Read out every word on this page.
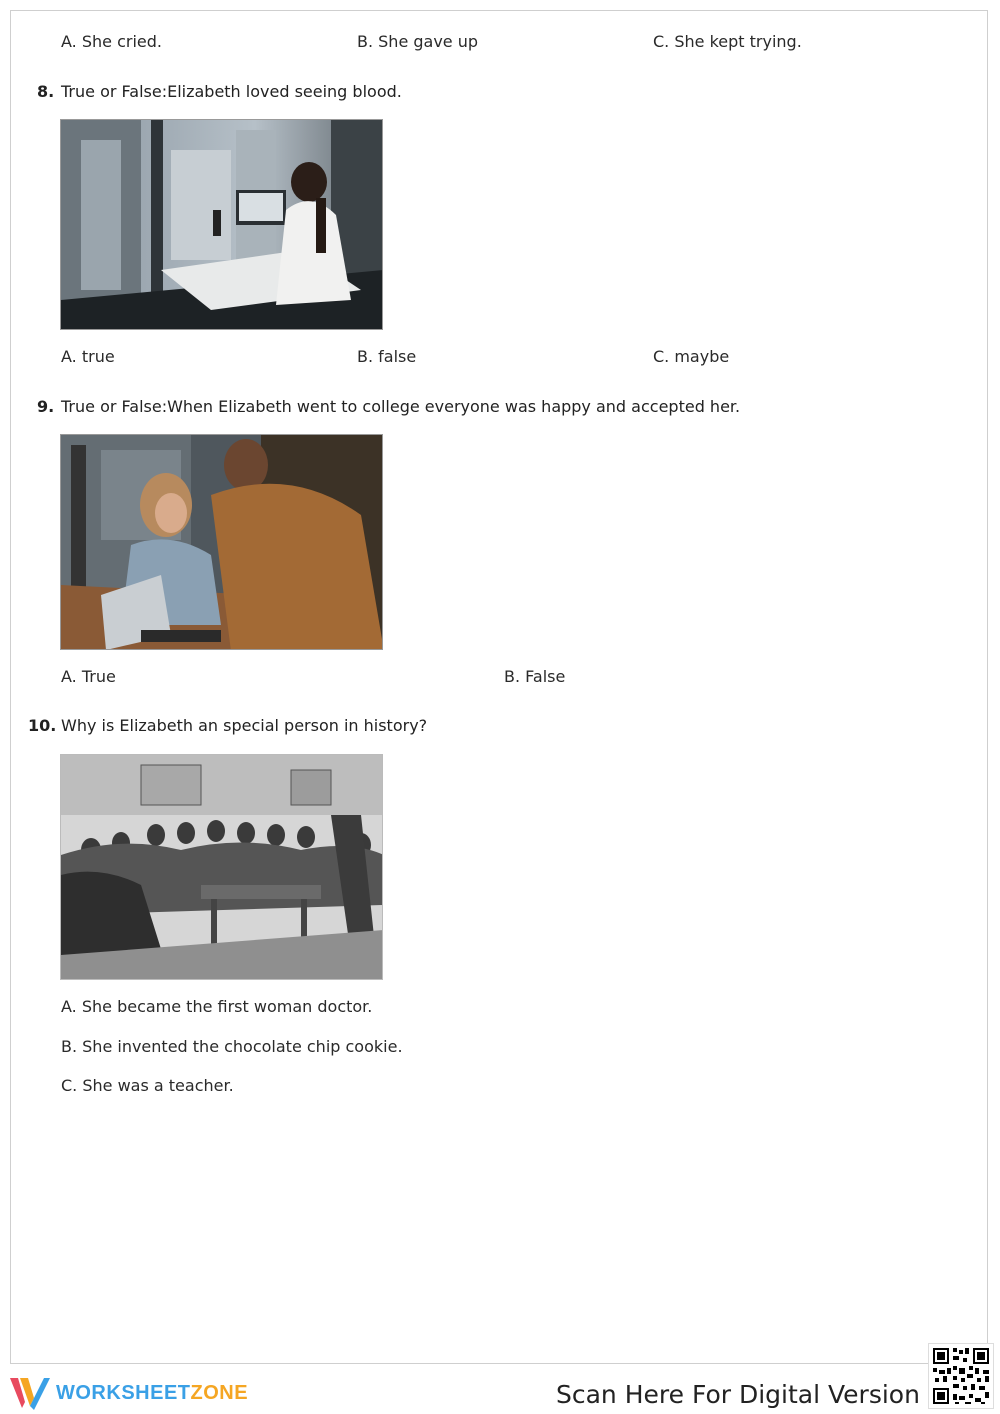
A. She cried.	B. She gave up	C. She kept trying.
8. True or False:Elizabeth loved seeing blood.
A. true	B. false	C. maybe
9. True or False:When Elizabeth went to college everyone was happy and accepted her.
A. True	B. False
10. Why is Elizabeth an special person in history?
A. She became the first woman doctor.
B. She invented the chocolate chip cookie.
C. She was a teacher.
WORKSHEETZONE	Scan Here For Digital Version
